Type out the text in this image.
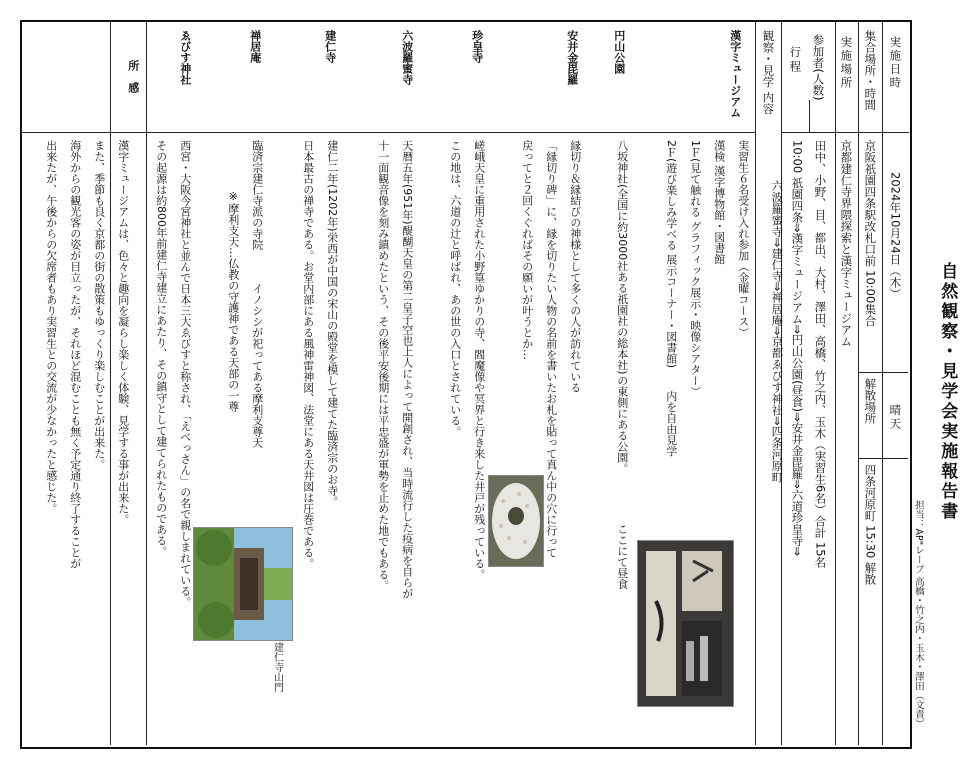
自然観察・見学会実施報告書
担当：AP"レープ 高橋・竹之内・玉木・澤田（文責）
実施日時
集合場所・時間
実施場所
参加者(人数)
行程
観察・見学 内容
2024年10月24日（木）
晴天
京阪祇園四条駅改札口前 10:00集合
解散場所
四条河原町 15:30 解散
京都建仁寺界隈探索と漢字ミュージアム
田中、小野、目、都出、大村、澤田、高橋、竹之内、玉木（実習生6名）合計 15名
10:00 祇園四条⇒漢字ミュージアム⇒円山公園(昼食)⇒安井金毘羅⇒六道珍皇寺⇒
六波羅蜜寺⇒建仁寺⇒禅居庵⇒京都ゑびす神社⇒四条河原町
漢字ミュージアム
円山公園
安井金毘羅
珍皇寺
六波羅蜜寺
建仁寺
禅居庵
ゑびす神社
所　感
実習生６名受け入れ参加（金曜コース）
漢検 漢字博物館・図書館
1Ｆ(見て触れる グラフィック展示・映像シアター）
2Ｆ(遊び楽しみ学べる 展示コーナー・図書館)　　内を自由見学
八坂神社(全国に約3000社ある祇園社の総本社)の東側にある公園。　　　　　ここにて昼食
縁切り＆縁結びの神様として多くの人が訪れている
「縁切り碑」に、縁を切りたい人物の名前を書いたお札を貼って真ん中の穴に行って
戻ってと２回くぐればその願いが叶うとか…
嵯峨天皇に重用された小野篁ゆかりの寺、閻魔像や冥界と行き来した井戸が残っている。
この地は、六道の辻と呼ばれ、あの世の入口とされている。
天暦五年(951年)醍醐天皇の第二皇子空也上人によって開創され、当時流行した疫病を自らが
十一面観音像を刻み鎮めたという、その後平安後期には平忠盛が軍勢を止めた地でもある。
建仁二年(1202年)栄西が中国の宋山の殿堂を模して建てた臨済宗のお寺。
日本最古の禅寺である。お堂内部にある風神雷神図、法堂にある天井図は圧巻である。
臨済宗建仁寺派の寺院　　　イノシシが祀ってある摩利支尊天
※摩利支天…仏教の守護神である天部の一尊
西宮・大阪今宮神社と並んで日本三大ゑびすと称され、「えべっさん」の名で親しまれている。
その起源は約800年前建仁寺建立にあたり、その鎮守として建てられたものである。
漢字ミュージアムは、色々と趣向を凝らし楽しく体験、見学する事が出来た。
また、季節も良く京都の街の散策もゆっくり楽しむことが出来た。
海外からの観光客の姿が目立ったが、それほど混むことも無く予定通り終了することが
出来たが、午後からの欠席者もあり実習生との交流が少なかったと感じた。
建仁寺山門
